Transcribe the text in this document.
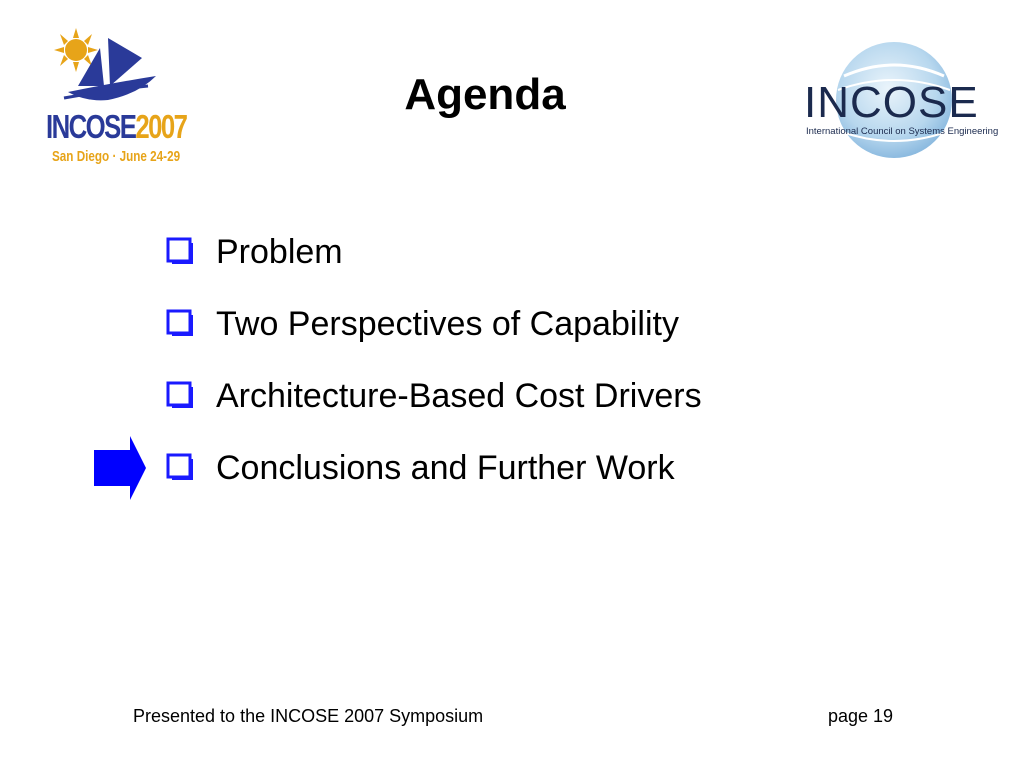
INCOSE2007
San Diego · June 24-29
Agenda	INCOSE
International Council on Systems Engineering
Problem
Two Perspectives of Capability
Architecture-Based Cost Drivers
Conclusions and Further Work
Presented to the INCOSE 2007 Symposium	page 19
